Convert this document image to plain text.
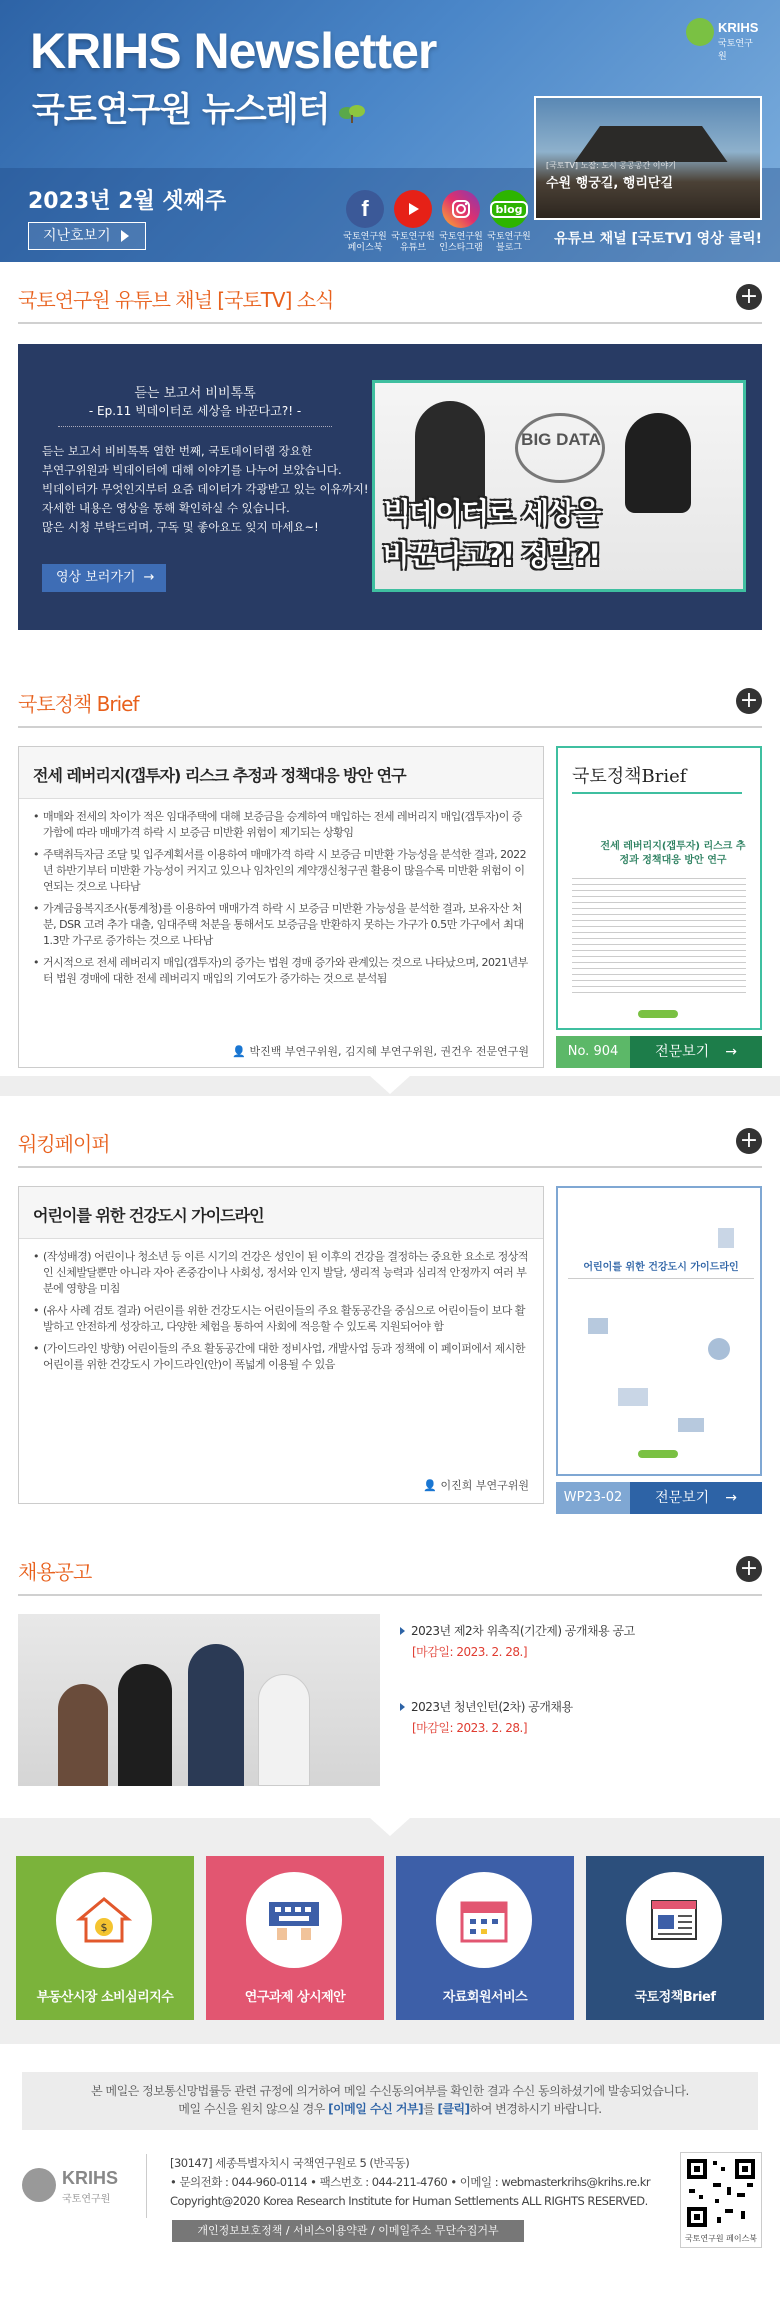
KRIHS Newsletter
국토연구원 뉴스레터
KRIHS
국토연구원
2023년 2월 셋째주
지난호보기
f
국토연구원 페이스북
국토연구원 유튜브
국토연구원 인스타그램
blog
국토연구원 블로그
[국토TV] 노잡: 도시 공공공간 이야기
수원 행궁길, 행리단길
유튜브 채널 [국토TV] 영상 클릭!
국토연구원 유튜브 채널 [국토TV] 소식	+
듣는 보고서 비비톡톡
- Ep.11 빅데이터로 세상을 바꾼다고?! -
듣는 보고서 비비톡톡 열한 번째, 국토데이터랩 장요한
부연구위원과 빅데이터에 대해 이야기를 나누어 보았습니다.
빅데이터가 무엇인지부터 요즘 데이터가 각광받고 있는 이유까지!
자세한 내용은 영상을 통해 확인하실 수 있습니다.
많은 시청 부탁드리며, 구독 및 좋아요도 잊지 마세요~!
영상 보러가기 →
BIG DATA
빅데이터로 세상을
바꾼다고?! 정말?!
국토정책 Brief	+
전세 레버리지(갭투자) 리스크 추정과 정책대응 방안 연구
• 매매와 전세의 차이가 적은 임대주택에 대해 보증금을 승계하여 매입하는 전세 레버리지 매입(갭투자)이 증가함에 따라 매매가격 하락 시 보증금 미반환 위험이 제기되는 상황임
• 주택취득자금 조달 및 입주계획서를 이용하여 매매가격 하락 시 보증금 미반환 가능성을 분석한 결과, 2022년 하반기부터 미반환 가능성이 커지고 있으나 임차인의 계약갱신청구권 활용이 많을수록 미반환 위험이 이연되는 것으로 나타남
• 가계금융복지조사(통계청)를 이용하여 매매가격 하락 시 보증금 미반환 가능성을 분석한 결과, 보유자산 처분, DSR 고려 추가 대출, 임대주택 처분을 통해서도 보증금을 반환하지 못하는 가구가 0.5만 가구에서 최대 1.3만 가구로 증가하는 것으로 나타남
• 거시적으로 전세 레버리지 매입(갭투자)의 증가는 법원 경매 증가와 관계있는 것으로 나타났으며, 2021년부터 법원 경매에 대한 전세 레버리지 매입의 기여도가 증가하는 것으로 분석됨
👤 박진백 부연구위원, 김지혜 부연구위원, 권건우 전문연구원
국토정책Brief
전세 레버리지(갭투자) 리스크 추정과 정책대응 방안 연구
No. 904	전문보기 →
워킹페이퍼	+
어린이를 위한 건강도시 가이드라인
• (작성배경) 어린이나 청소년 등 이른 시기의 건강은 성인이 된 이후의 건강을 결정하는 중요한 요소로 정상적인 신체발달뿐만 아니라 자아 존중감이나 사회성, 정서와 인지 발달, 생리적 능력과 심리적 안정까지 여러 부분에 영향을 미침
• (유사 사례 검토 결과) 어린이를 위한 건강도시는 어린이들의 주요 활동공간을 중심으로 어린이들이 보다 활발하고 안전하게 성장하고, 다양한 체험을 통하여 사회에 적응할 수 있도록 지원되어야 함
• (가이드라인 방향) 어린이들의 주요 활동공간에 대한 정비사업, 개발사업 등과 정책에 이 페이퍼에서 제시한 어린이를 위한 건강도시 가이드라인(안)이 폭넓게 이용될 수 있음
👤 이진희 부연구위원
어린이를 위한 건강도시 가이드라인
WP23-02	전문보기 →
채용공고	+
2023년 제2차 위촉직(기간제) 공개채용 공고
[마감일: 2023. 2. 28.]
2023년 청년인턴(2차) 공개채용
[마감일: 2023. 2. 28.]
$
부동산시장 소비심리지수	연구과제 상시제안	자료회원서비스	국토정책Brief
본 메일은 정보통신망법률등 관련 규정에 의거하여 메일 수신동의여부를 확인한 결과 수신 동의하셨기에 발송되었습니다.
메일 수신을 원치 않으실 경우 [이메일 수신 거부]를 [클릭]하여 변경하시기 바랍니다.
KRIHS
국토연구원
[30147] 세종특별자치시 국책연구원로 5 (반곡동)
• 문의전화 : 044-960-0114 • 팩스번호 : 044-211-4760 • 이메일 : webmasterkrihs@krihs.re.kr
Copyright@2020 Korea Research Institute for Human Settlements ALL RIGHTS RESERVED.
개인정보보호정책 / 서비스이용약관 / 이메일주소 무단수집거부
국토연구원 페이스북
